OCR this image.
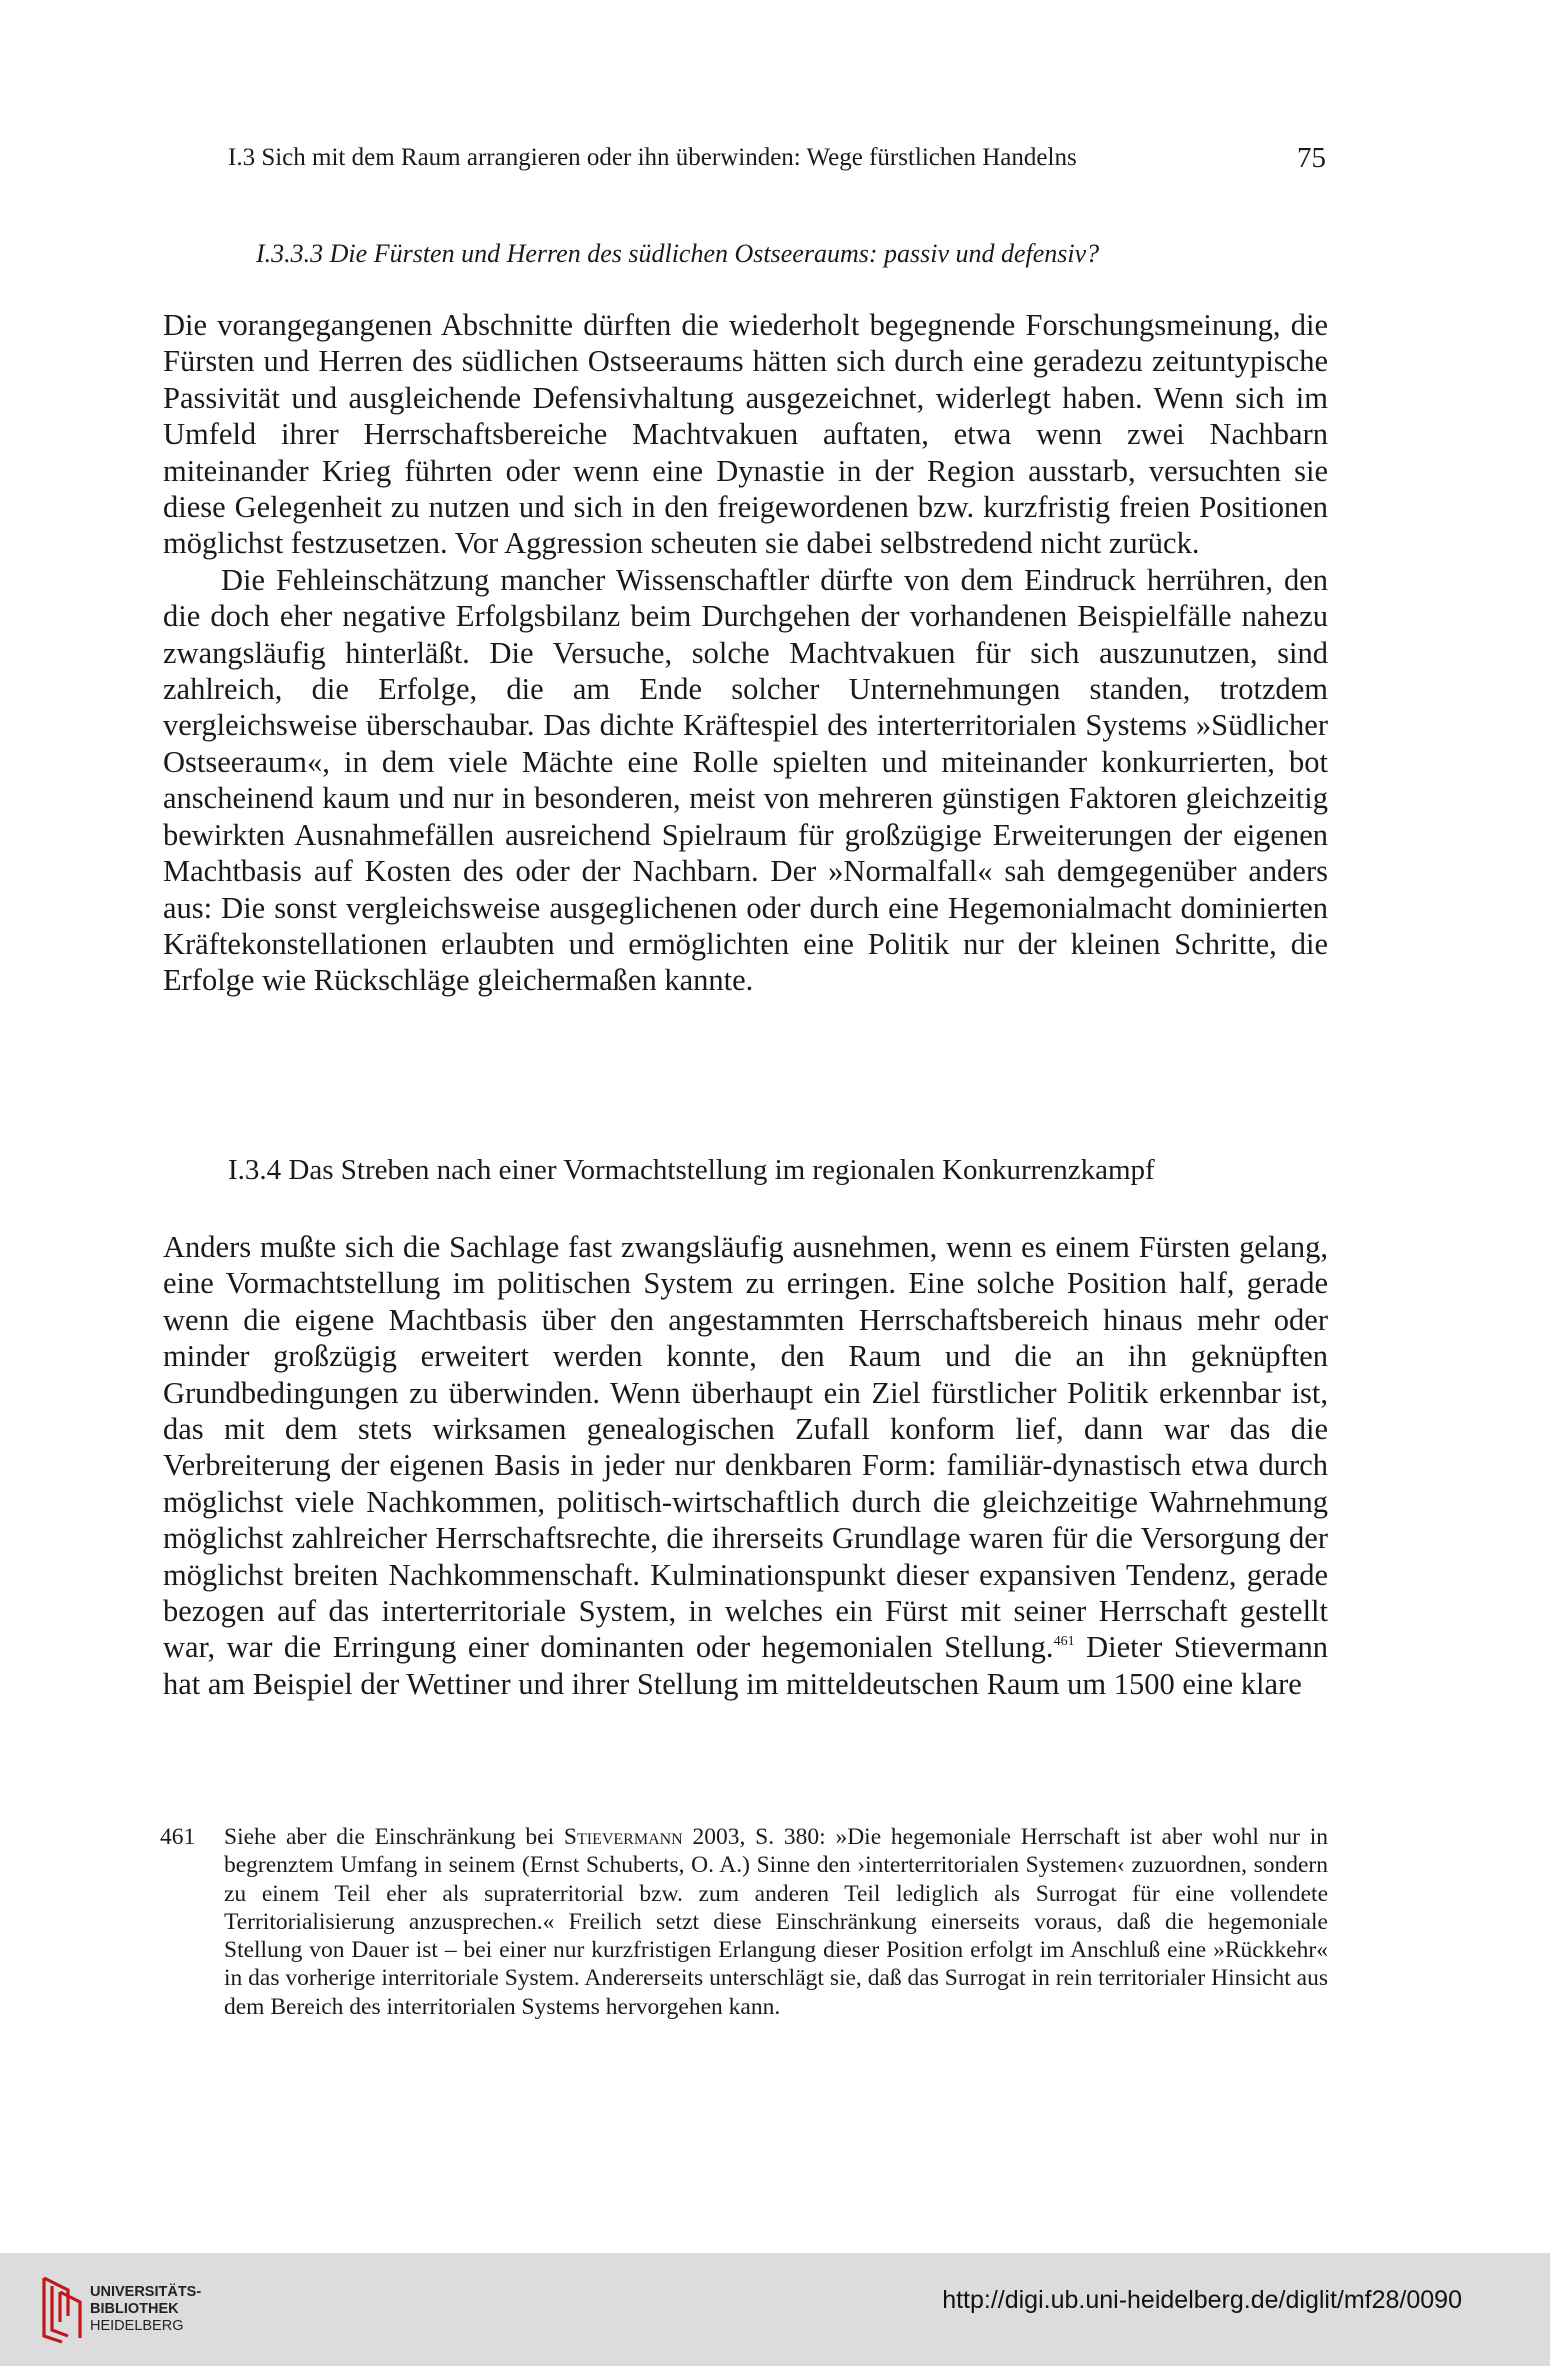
I.3 Sich mit dem Raum arrangieren oder ihn überwinden: Wege fürstlichen Handelns	75
I.3.3.3 Die Fürsten und Herren des südlichen Ostseeraums: passiv und defensiv?

Die vorangegangenen Abschnitte dürften die wiederholt begegnende Forschungsmeinung, die Fürsten und Herren des südlichen Ostseeraums hätten sich durch eine geradezu zeituntypische Passivität und ausgleichende Defensivhaltung ausgezeichnet, widerlegt haben. Wenn sich im Umfeld ihrer Herrschaftsbereiche Machtvakuen auftaten, etwa wenn zwei Nachbarn miteinander Krieg führten oder wenn eine Dynastie in der Region ausstarb, versuchten sie diese Gelegenheit zu nutzen und sich in den freigewordenen bzw. kurzfristig freien Positionen möglichst festzusetzen. Vor Aggression scheuten sie dabei selbstredend nicht zurück.

Die Fehleinschätzung mancher Wissenschaftler dürfte von dem Eindruck herrühren, den die doch eher negative Erfolgsbilanz beim Durchgehen der vorhandenen Beispielfälle nahezu zwangsläufig hinterläßt. Die Versuche, solche Machtvakuen für sich auszunutzen, sind zahlreich, die Erfolge, die am Ende solcher Unternehmungen standen, trotzdem vergleichsweise überschaubar. Das dichte Kräftespiel des interterritorialen Systems »Südlicher Ostseeraum«, in dem viele Mächte eine Rolle spielten und miteinander konkurrierten, bot anscheinend kaum und nur in besonderen, meist von mehreren günstigen Faktoren gleichzeitig bewirkten Ausnahmefällen ausreichend Spielraum für großzügige Erweiterungen der eigenen Machtbasis auf Kosten des oder der Nachbarn. Der »Normalfall« sah demgegenüber anders aus: Die sonst vergleichsweise ausgeglichenen oder durch eine Hegemonialmacht dominierten Kräftekonstellationen erlaubten und ermöglichten eine Politik nur der kleinen Schritte, die Erfolge wie Rückschläge gleichermaßen kannte.

I.3.4 Das Streben nach einer Vormachtstellung im regionalen Konkurrenzkampf

Anders mußte sich die Sachlage fast zwangsläufig ausnehmen, wenn es einem Fürsten gelang, eine Vormachtstellung im politischen System zu erringen. Eine solche Position half, gerade wenn die eigene Machtbasis über den angestammten Herrschaftsbereich hinaus mehr oder minder großzügig erweitert werden konnte, den Raum und die an ihn geknüpften Grundbedingungen zu überwinden. Wenn überhaupt ein Ziel fürstlicher Politik erkennbar ist, das mit dem stets wirksamen genealogischen Zufall konform lief, dann war das die Verbreiterung der eigenen Basis in jeder nur denkbaren Form: familiär-dynastisch etwa durch möglichst viele Nachkommen, politisch-wirtschaftlich durch die gleichzeitige Wahrnehmung möglichst zahlreicher Herrschaftsrechte, die ihrerseits Grundlage waren für die Versorgung der möglichst breiten Nachkommenschaft. Kulminationspunkt dieser expansiven Tendenz, gerade bezogen auf das interterritoriale System, in welches ein Fürst mit seiner Herrschaft gestellt war, war die Erringung einer dominanten oder hegemonialen Stellung.$^{461}$ Dieter Stievermann hat am Beispiel der Wettiner und ihrer Stellung im mitteldeutschen Raum um 1500 eine klare

461 Siehe aber die Einschränkung bei Stievermann 2003, S. 380: »Die hegemoniale Herrschaft ist aber wohl nur in begrenztem Umfang in seinem (Ernst Schuberts, O. A.) Sinne den ›interterritorialen Systemen‹ zuzuordnen, sondern zu einem Teil eher als supraterritorial bzw. zum anderen Teil lediglich als Surrogat für eine vollendete Territorialisierung anzusprechen.« Freilich setzt diese Einschränkung einerseits voraus, daß die hegemoniale Stellung von Dauer ist – bei einer nur kurzfristigen Erlangung dieser Position erfolgt im Anschluß eine »Rückkehr« in das vorherige interritoriale System. Andererseits unterschlägt sie, daß das Surrogat in rein territorialer Hinsicht aus dem Bereich des interritorialen Systems hervorgehen kann.
UNIVERSITÄTS-
BIBLIOTHEK
HEIDELBERG
http://digi.ub.uni-heidelberg.de/diglit/mf28/0090
